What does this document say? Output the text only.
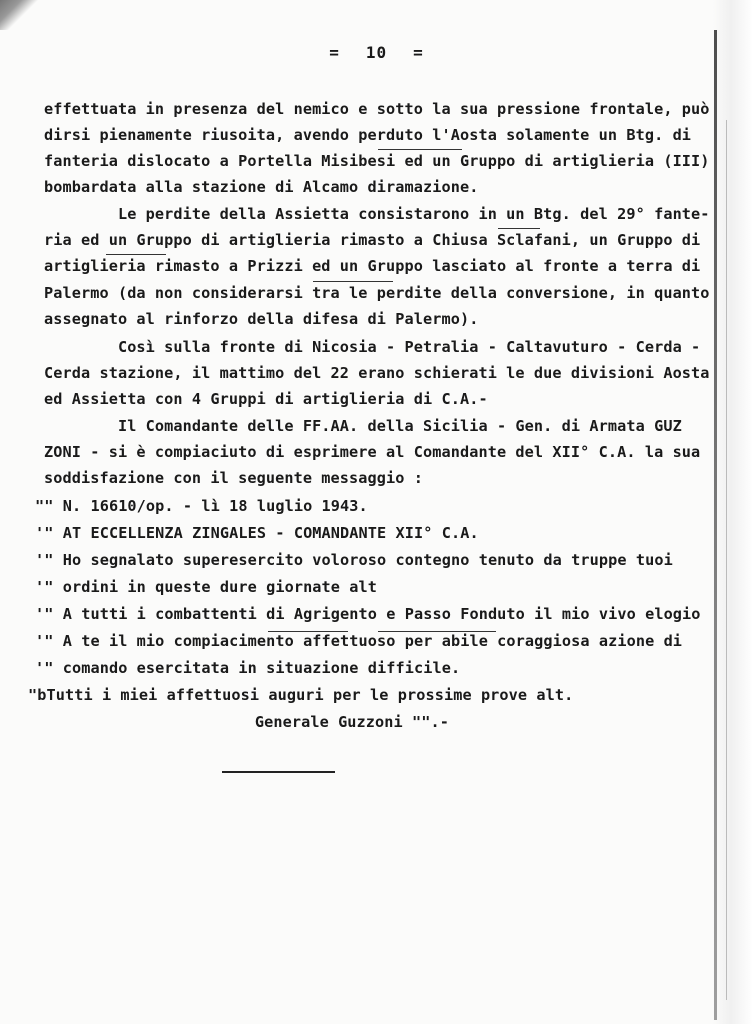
= 10 =
effettuata in presenza del nemico e sotto la sua pressione frontale, può
dirsi pienamente riusoita, avendo perduto l'Aosta solamente un Btg. di
fanteria dislocato a Portella Misibesi ed un Gruppo di artiglieria (III)
bombardata alla stazione di Alcamo diramazione.
Le perdite della Assietta consistarono in un Btg. del 29° fante-
ria ed un Gruppo di artiglieria rimasto a Chiusa Sclafani, un Gruppo di
artiglieria rimasto a Prizzi ed un Gruppo lasciato al fronte a terra di
Palermo (da non considerarsi tra le perdite della conversione, in quanto
assegnato al rinforzo della difesa di Palermo).
Così sulla fronte di Nicosia - Petralia - Caltavuturo - Cerda -
Cerda stazione, il mattimo del 22 erano schierati le due divisioni Aosta
ed Assietta con 4 Gruppi di artiglieria di C.A.-
Il Comandante delle FF.AA. della Sicilia - Gen. di Armata GUZ
ZONI - si è compiaciuto di esprimere al Comandante del XII° C.A. la sua
soddisfazione con il seguente messaggio :
"" N. 16610/op. - lì 18 luglio 1943.
'" AT ECCELLENZA ZINGALES - COMANDANTE XII° C.A.
'" Ho segnalato superesercito voloroso contegno tenuto da truppe tuoi
'" ordini in queste dure giornate alt
'" A tutti i combattenti di Agrigento e Passo Fonduto il mio vivo elogio
'" A te il mio compiacimento affettuoso per abile coraggiosa azione di
'" comando esercitata in situazione difficile.
"bTutti i miei affettuosi auguri per le prossime prove alt.
Generale Guzzoni "".-
